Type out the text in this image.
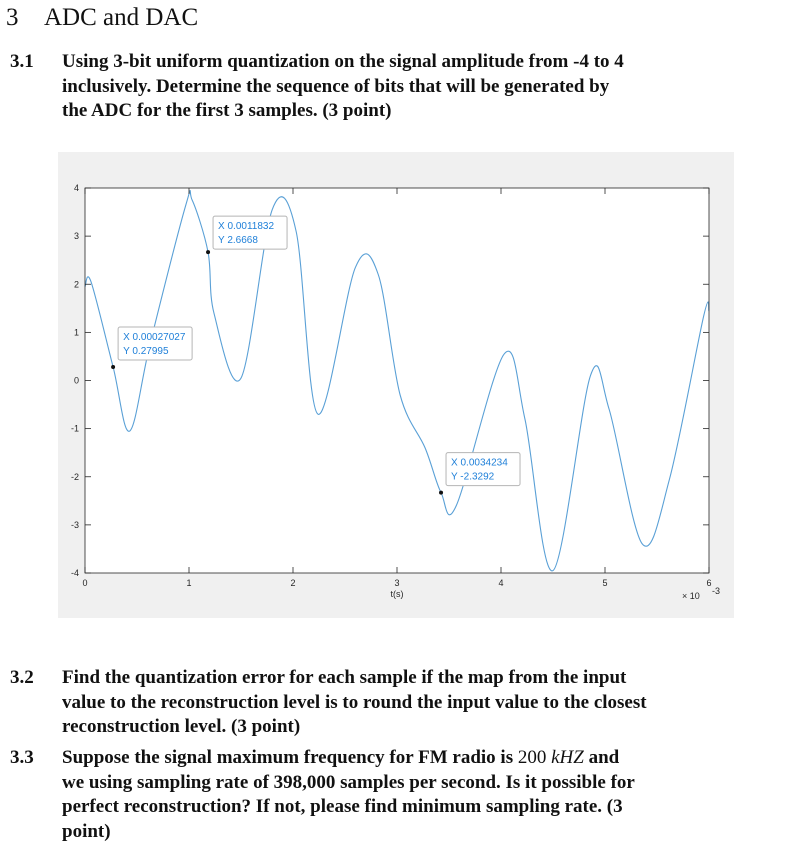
3 ADC and DAC
3.1 Using 3-bit uniform quantization on the signal amplitude from -4 to 4
inclusively. Determine the sequence of bits that will be generated by
the ADC for the first 3 samples. (3 point)
0	1	2	3	4	5	6
-4
-3
-2
-1
0
1
2
3
4
t(s)	× 10 -3
X 0.00027027
Y 0.27995
X 0.0011832
Y 2.6668
X 0.0034234
Y -2.3292
3.2 Find the quantization error for each sample if the map from the input
value to the reconstruction level is to round the input value to the closest
reconstruction level. (3 point)
3.3 Suppose the signal maximum frequency for FM radio is 200 kHZ and
we using sampling rate of 398,000 samples per second. Is it possible for
perfect reconstruction? If not, please find minimum sampling rate. (3
point)
